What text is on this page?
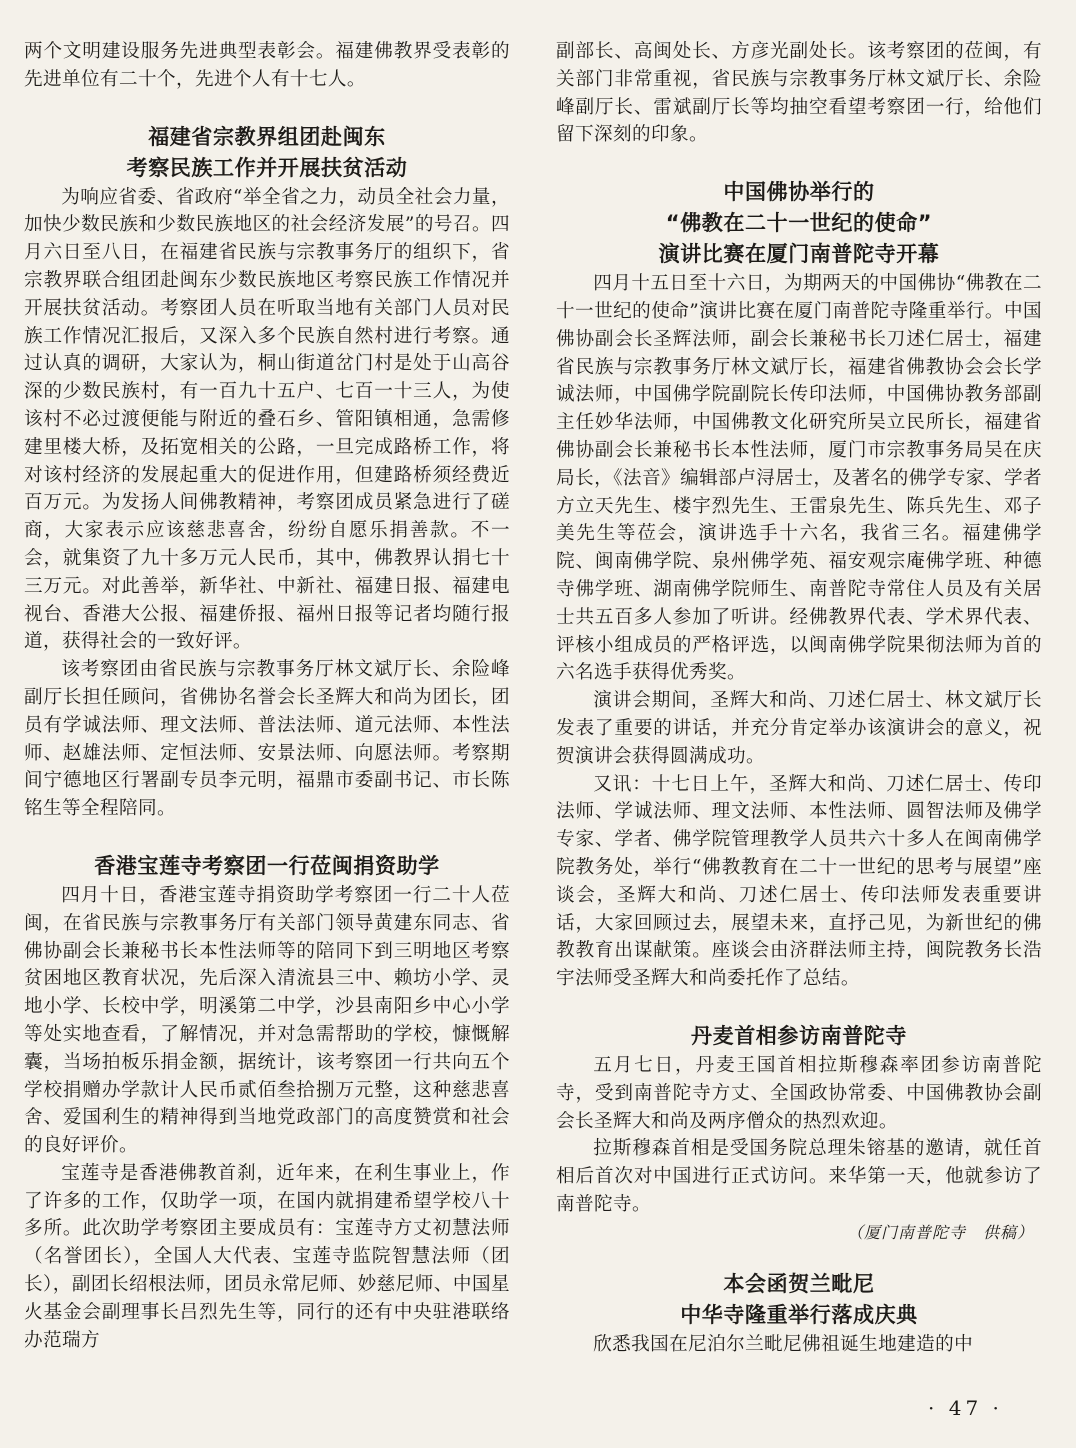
两个文明建设服务先进典型表彰会。福建佛教界受表彰的先进单位有二十个，先进个人有十七人。

福建省宗教界组团赴闽东
考察民族工作并开展扶贫活动

为响应省委、省政府“举全省之力，动员全社会力量，加快少数民族和少数民族地区的社会经济发展”的号召。四月六日至八日，在福建省民族与宗教事务厅的组织下，省宗教界联合组团赴闽东少数民族地区考察民族工作情况并开展扶贫活动。考察团人员在听取当地有关部门人员对民族工作情况汇报后，又深入多个民族自然村进行考察。通过认真的调研，大家认为，桐山街道岔门村是处于山高谷深的少数民族村，有一百九十五户、七百一十三人，为使该村不必过渡便能与附近的叠石乡、管阳镇相通，急需修建里楼大桥，及拓宽相关的公路，一旦完成路桥工作，将对该村经济的发展起重大的促进作用，但建路桥须经费近百万元。为发扬人间佛教精神，考察团成员紧急进行了磋商，大家表示应该慈悲喜舍，纷纷自愿乐捐善款。不一会，就集资了九十多万元人民币，其中，佛教界认捐七十三万元。对此善举，新华社、中新社、福建日报、福建电视台、香港大公报、福建侨报、福州日报等记者均随行报道，获得社会的一致好评。

该考察团由省民族与宗教事务厅林文斌厅长、余险峰副厅长担任顾问，省佛协名誉会长圣辉大和尚为团长，团员有学诚法师、理文法师、普法法师、道元法师、本性法师、赵雄法师、定恒法师、安景法师、向愿法师。考察期间宁德地区行署副专员李元明，福鼎市委副书记、市长陈铭生等全程陪同。

香港宝莲寺考察团一行莅闽捐资助学

四月十日，香港宝莲寺捐资助学考察团一行二十人莅闽，在省民族与宗教事务厅有关部门领导黄建东同志、省佛协副会长兼秘书长本性法师等的陪同下到三明地区考察贫困地区教育状况，先后深入清流县三中、赖坊小学、灵地小学、长校中学，明溪第二中学，沙县南阳乡中心小学等处实地查看，了解情况，并对急需帮助的学校，慷慨解囊，当场拍板乐捐金额，据统计，该考察团一行共向五个学校捐赠办学款计人民币贰佰叁拾捌万元整，这种慈悲喜舍、爱国利生的精神得到当地党政部门的高度赞赏和社会的良好评价。

宝莲寺是香港佛教首刹，近年来，在利生事业上，作了许多的工作，仅助学一项，在国内就捐建希望学校八十多所。此次助学考察团主要成员有：宝莲寺方丈初慧法师（名誉团长），全国人大代表、宝莲寺监院智慧法师（团长），副团长绍根法师，团员永常尼师、妙慈尼师、中国星火基金会副理事长吕烈先生等，同行的还有中央驻港联络办范瑞方

副部长、高闽处长、方彦光副处长。该考察团的莅闽，有关部门非常重视，省民族与宗教事务厅林文斌厅长、余险峰副厅长、雷斌副厅长等均抽空看望考察团一行，给他们留下深刻的印象。

中国佛协举行的
“佛教在二十一世纪的使命”
演讲比赛在厦门南普陀寺开幕

四月十五日至十六日，为期两天的中国佛协“佛教在二十一世纪的使命”演讲比赛在厦门南普陀寺隆重举行。中国佛协副会长圣辉法师，副会长兼秘书长刀述仁居士，福建省民族与宗教事务厅林文斌厅长，福建省佛教协会会长学诚法师，中国佛学院副院长传印法师，中国佛协教务部副主任妙华法师，中国佛教文化研究所吴立民所长，福建省佛协副会长兼秘书长本性法师，厦门市宗教事务局吴在庆局长，《法音》编辑部卢浔居士，及著名的佛学专家、学者方立天先生、楼宇烈先生、王雷泉先生、陈兵先生、邓子美先生等莅会，演讲选手十六名，我省三名。福建佛学院、闽南佛学院、泉州佛学苑、福安观宗庵佛学班、种德寺佛学班、湖南佛学院师生、南普陀寺常住人员及有关居士共五百多人参加了听讲。经佛教界代表、学术界代表、评核小组成员的严格评选，以闽南佛学院果彻法师为首的六名选手获得优秀奖。

演讲会期间，圣辉大和尚、刀述仁居士、林文斌厅长发表了重要的讲话，并充分肯定举办该演讲会的意义，祝贺演讲会获得圆满成功。

又讯：十七日上午，圣辉大和尚、刀述仁居士、传印法师、学诚法师、理文法师、本性法师、圆智法师及佛学专家、学者、佛学院管理教学人员共六十多人在闽南佛学院教务处，举行“佛教教育在二十一世纪的思考与展望”座谈会，圣辉大和尚、刀述仁居士、传印法师发表重要讲话，大家回顾过去，展望未来，直抒己见，为新世纪的佛教教育出谋献策。座谈会由济群法师主持，闽院教务长浩宇法师受圣辉大和尚委托作了总结。

丹麦首相参访南普陀寺

五月七日，丹麦王国首相拉斯穆森率团参访南普陀寺，受到南普陀寺方丈、全国政协常委、中国佛教协会副会长圣辉大和尚及两序僧众的热烈欢迎。

拉斯穆森首相是受国务院总理朱镕基的邀请，就任首相后首次对中国进行正式访问。来华第一天，他就参访了南普陀寺。

（厦门南普陀寺　供稿）
本会函贺兰毗尼
中华寺隆重举行落成庆典

欣悉我国在尼泊尔兰毗尼佛祖诞生地建造的中

· 47 ·
